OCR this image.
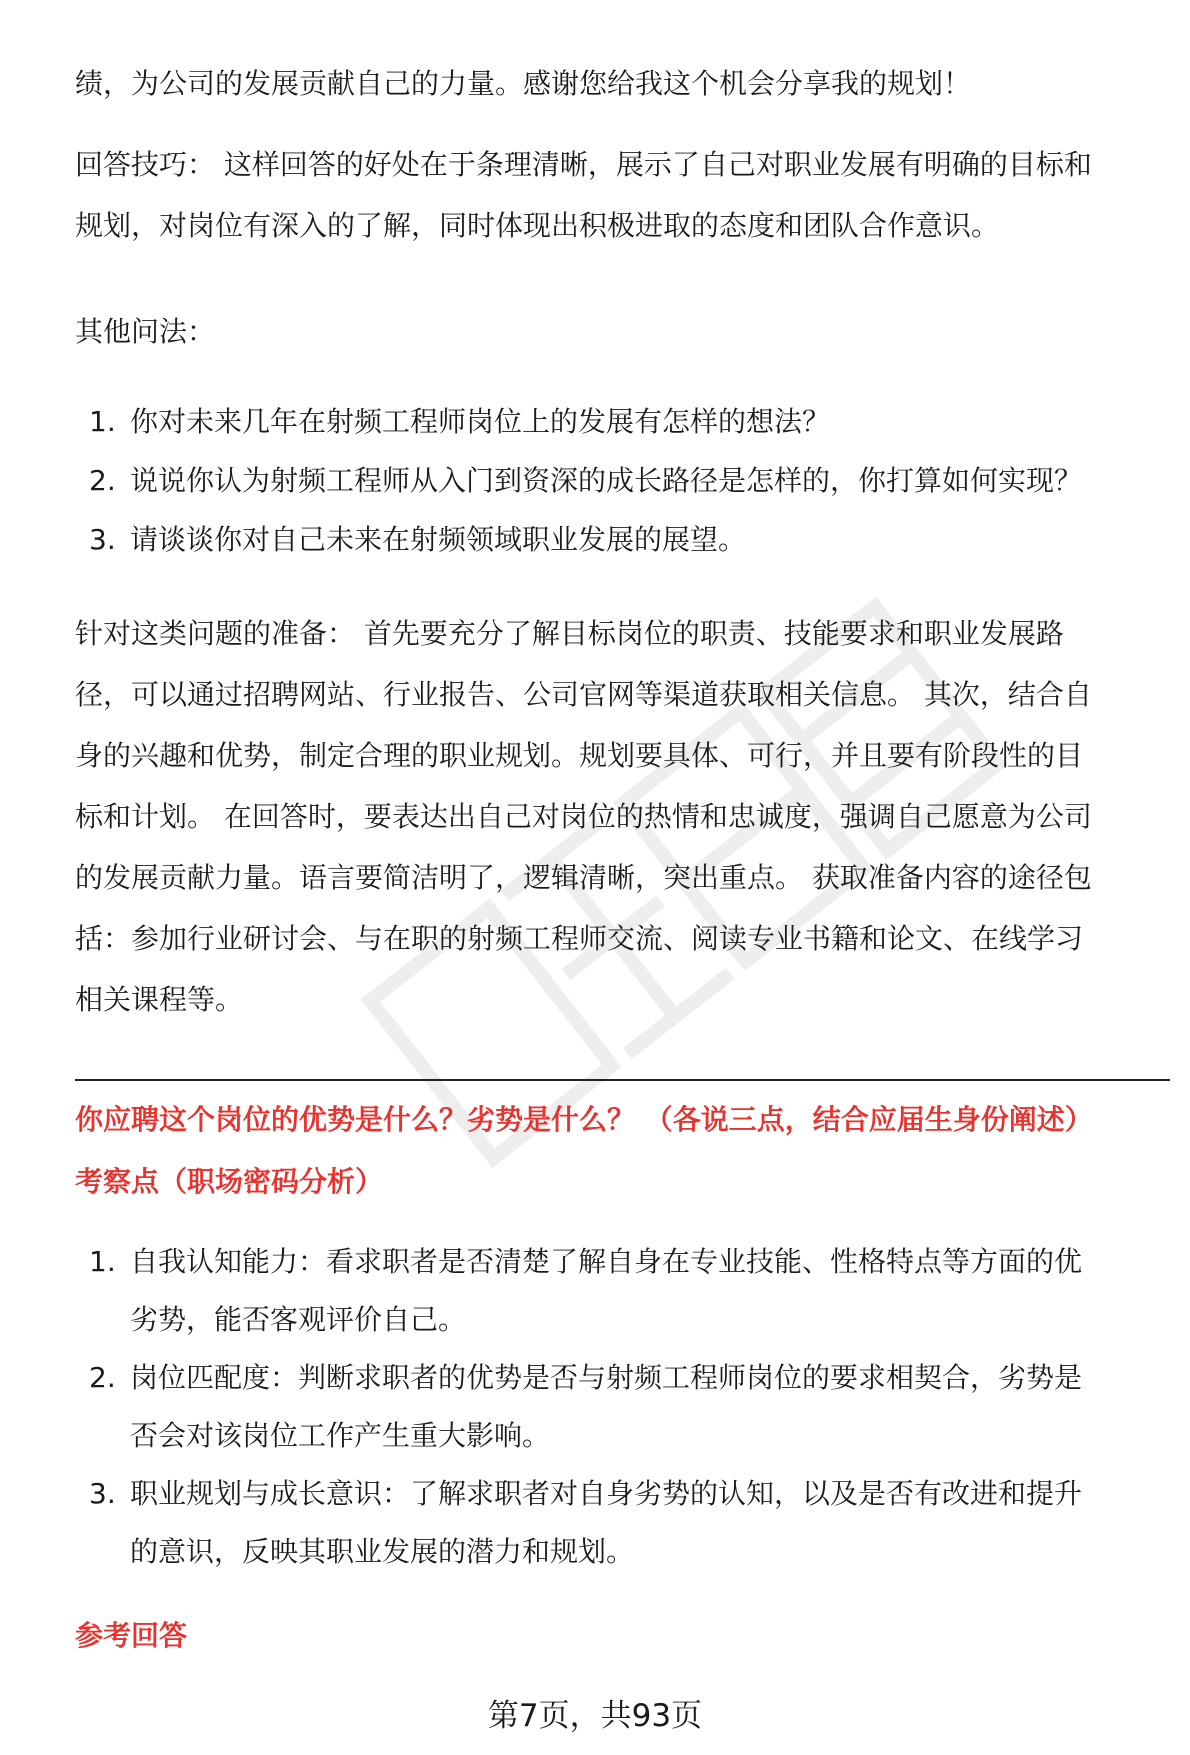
绩，为公司的发展贡献自己的力量。感谢您给我这个机会分享我的规划！

回答技巧： 这样回答的好处在于条理清晰，展示了自己对职业发展有明确的目标和
规划，对岗位有深入的了解，同时体现出积极进取的态度和团队合作意识。

其他问法：

1. 你对未来几年在射频工程师岗位上的发展有怎样的想法？
2. 说说你认为射频工程师从入门到资深的成长路径是怎样的，你打算如何实现？
3. 请谈谈你对自己未来在射频领域职业发展的展望。
针对这类问题的准备： 首先要充分了解目标岗位的职责、技能要求和职业发展路
径，可以通过招聘网站、行业报告、公司官网等渠道获取相关信息。 其次，结合自
身的兴趣和优势，制定合理的职业规划。规划要具体、可行，并且要有阶段性的目
标和计划。 在回答时，要表达出自己对岗位的热情和忠诚度，强调自己愿意为公司
的发展贡献力量。语言要简洁明了，逻辑清晰，突出重点。 获取准备内容的途径包
括：参加行业研讨会、与在职的射频工程师交流、阅读专业书籍和论文、在线学习
相关课程等。
你应聘这个岗位的优势是什么？劣势是什么？ （各说三点，结合应届生身份阐述）
考察点（职场密码分析）
1. 自我认知能力：看求职者是否清楚了解自身在专业技能、性格特点等方面的优
劣势，能否客观评价自己。
2. 岗位匹配度：判断求职者的优势是否与射频工程师岗位的要求相契合，劣势是
否会对该岗位工作产生重大影响。
3. 职业规划与成长意识：了解求职者对自身劣势的认知，以及是否有改进和提升
的意识，反映其职业发展的潜力和规划。
参考回答
第7页，共93页
